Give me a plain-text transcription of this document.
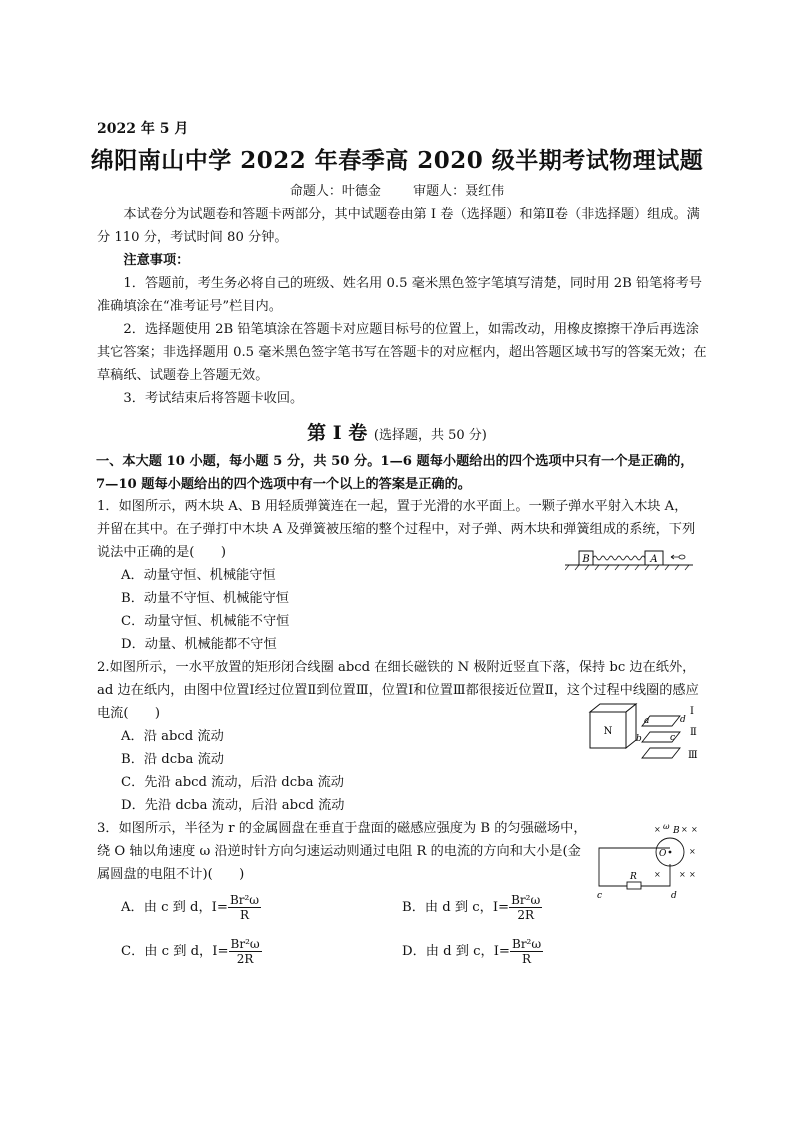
2022 年 5 月
绵阳南山中学 2022 年春季高 2020 级半期考试物理试题
命题人：叶德金 审题人：聂红伟
本试卷分为试题卷和答题卡两部分，其中试题卷由第 I 卷（选择题）和第Ⅱ卷（非选择题）组成。满分 110 分，考试时间 80 分钟。
注意事项：
1．答题前，考生务必将自己的班级、姓名用 0.5 毫米黑色签字笔填写清楚，同时用 2B 铅笔将考号准确填涂在“准考证号”栏目内。
2．选择题使用 2B 铅笔填涂在答题卡对应题目标号的位置上，如需改动，用橡皮擦擦干净后再选涂其它答案；非选择题用 0.5 毫米黑色签字笔书写在答题卡的对应框内，超出答题区域书写的答案无效；在草稿纸、试题卷上答题无效。
3．考试结束后将答题卡收回。
第 I 卷 (选择题，共 50 分)
一、本大题 10 小题，每小题 5 分，共 50 分。1—6 题每小题给出的四个选项中只有一个是正确的，7—10 题每小题给出的四个选项中有一个以上的答案是正确的。
1．如图所示，两木块 A、B 用轻质弹簧连在一起，置于光滑的水平面上。一颗子弹水平射入木块 A，并留在其中。在子弹打中木块 A 及弹簧被压缩的整个过程中，对子弹、两木块和弹簧组成的系统，下列说法中正确的是(　　)
A．动量守恒、机械能守恒
B．动量不守恒、机械能守恒
C．动量守恒、机械能不守恒
D．动量、机械能都不守恒
B	A
2.如图所示，一水平放置的矩形闭合线圈 abcd 在细长磁铁的 N 极附近竖直下落，保持 bc 边在纸外，ad 边在纸内，由图中位置Ⅰ经过位置Ⅱ到位置Ⅲ，位置Ⅰ和位置Ⅲ都很接近位置Ⅱ，这个过程中线圈的感应电流(　　)
A．沿 abcd 流动
B．沿 dcba 流动
C．先沿 abcd 流动，后沿 dcba 流动
D．先沿 dcba 流动，后沿 abcd 流动
N
a
b	c
d
Ⅰ
Ⅱ
Ⅲ
3．如图所示，半径为 r 的金属圆盘在垂直于盘面的磁感应强度为 B 的匀强磁场中，绕 O 轴以角速度 ω 沿逆时针方向匀速运动则通过电阻 R 的电流的方向和大小是(金属圆盘的电阻不计)(　　)
A．由 c 到 d，$I= \frac{\text{Br²ω}}{R}$	B．由 d 到 c，$I= \frac{\text{Br²ω}}{2R}$
C．由 c 到 d，$I= \frac{\text{Br²ω}}{2R}$	D．由 d 到 c，$I= \frac{\text{Br²ω}}{R}$
×	× ×
×
× × ×
ω B
O
R
c	d
